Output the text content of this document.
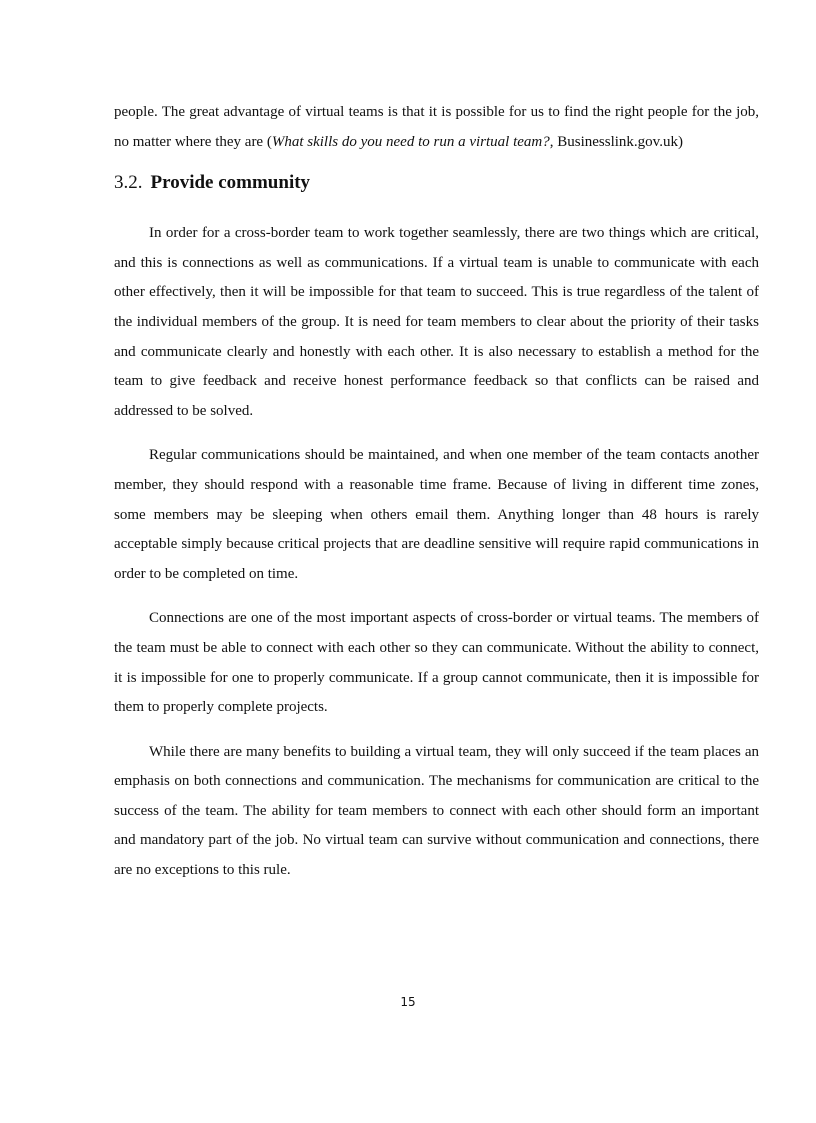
people. The great advantage of virtual teams is that it is possible for us to find the right people for the job, no matter where they are (What skills do you need to run a virtual team?, Businesslink.gov.uk)

3.2. Provide community

In order for a cross-border team to work together seamlessly, there are two things which are critical, and this is connections as well as communications. If a virtual team is unable to communicate with each other effectively, then it will be impossible for that team to succeed. This is true regardless of the talent of the individual members of the group. It is need for team members to clear about the priority of their tasks and communicate clearly and honestly with each other. It is also necessary to establish a method for the team to give feedback and receive honest performance feedback so that conflicts can be raised and addressed to be solved.

Regular communications should be maintained, and when one member of the team contacts another member, they should respond with a reasonable time frame. Because of living in different time zones, some members may be sleeping when others email them. Anything longer than 48 hours is rarely acceptable simply because critical projects that are deadline sensitive will require rapid communications in order to be completed on time.

Connections are one of the most important aspects of cross-border or virtual teams. The members of the team must be able to connect with each other so they can communicate. Without the ability to connect, it is impossible for one to properly communicate. If a group cannot communicate, then it is impossible for them to properly complete projects.

While there are many benefits to building a virtual team, they will only succeed if the team places an emphasis on both connections and communication. The mechanisms for communication are critical to the success of the team. The ability for team members to connect with each other should form an important and mandatory part of the job. No virtual team can survive without communication and connections, there are no exceptions to this rule.

15
